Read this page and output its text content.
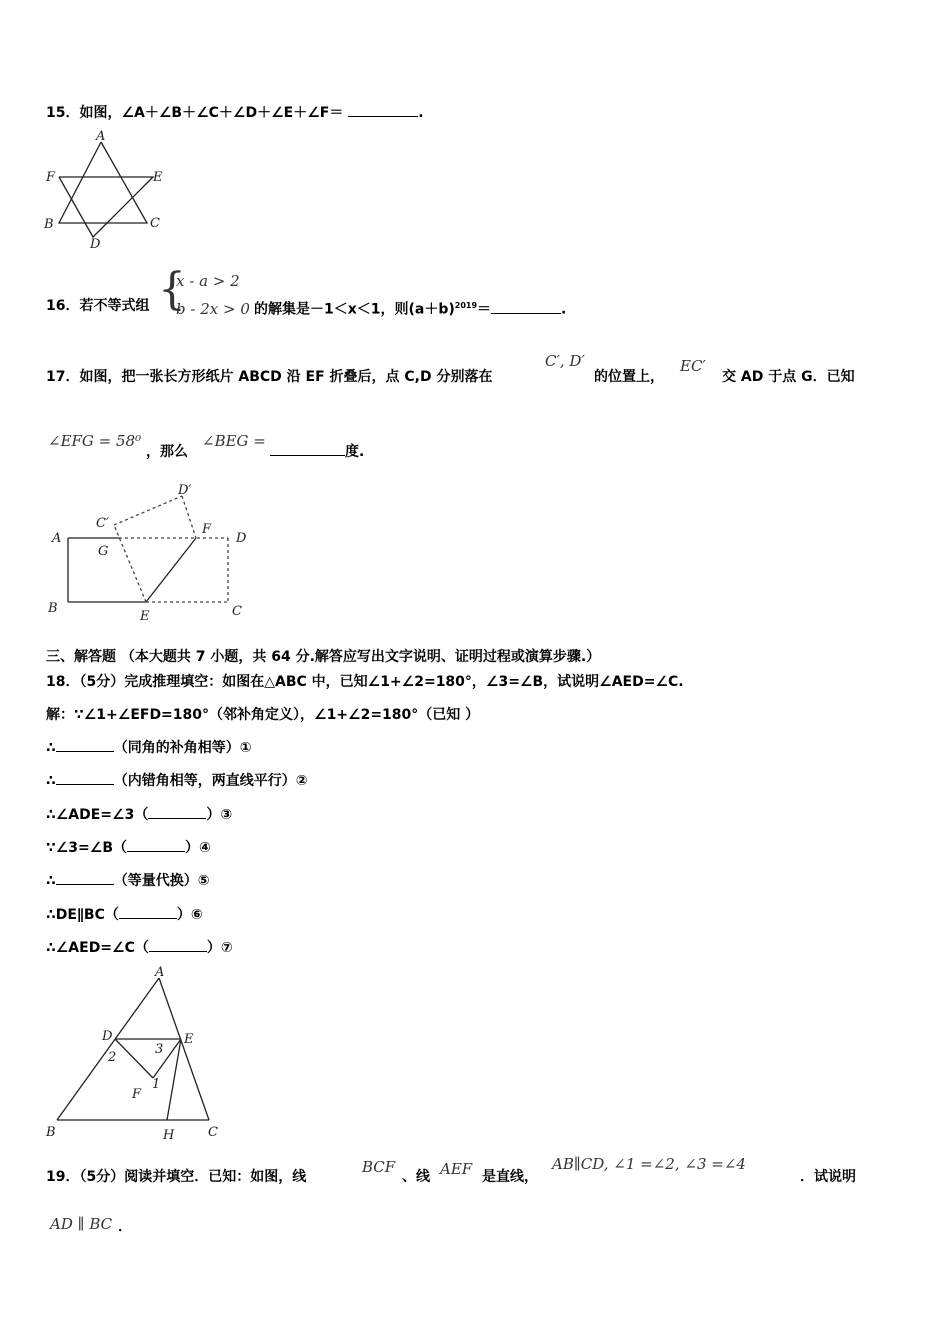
15．如图，∠A＋∠B＋∠C＋∠D＋∠E＋∠F＝	.
A
F	E
B	C
D
16．若不等式组 {
x - a > 2
b - 2x > 0 的解集是－1＜x＜1，则$(a+b)^{2019}=$	.
17．如图，把一张长方形纸片 ABCD 沿 EF 折叠后，点 C,D 分别落在
C′, D′
的位置上，
EC′
交 AD 于点 G．已知
∠EFG = 58⁰
，那么
∠BEG =
度.
A
B
E	C
D
F
G
C′
D′
三、解答题 （本大题共 7 小题，共 64 分.解答应写出文字说明、证明过程或演算步骤.）
18．（5分）完成推理填空：如图在△ABC 中，已知∠1+∠2=180°，∠3=∠B，试说明∠AED=∠C.
解：∵∠1+∠EFD=180°（邻补角定义），∠1+∠2=180°（已知 ）
∴	（同角的补角相等）①
∴	（内错角相等，两直线平行）②
∴∠ADE=∠3（	）③
∵∠3=∠B（	）④
∴	（等量代换）⑤
∴DE∥BC（	）⑥
∴∠AED=∠C（	）⑦
A
D	E
F
B	H	C
1
2
3
19．（5分）阅读并填空．已知：如图，线
BCF
、线 AEF 是直线，
AB∥CD, ∠1 =∠2, ∠3 =∠4
．试说明
AD ∥ BC ．
